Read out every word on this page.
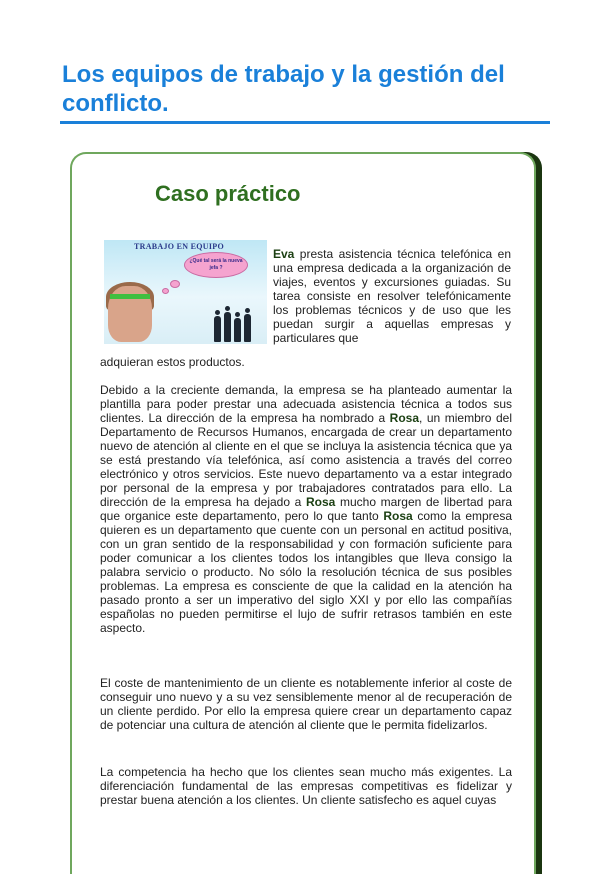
Los equipos de trabajo y la gestión del conflicto.
Caso práctico
TRABAJO EN EQUIPO
¿Qué tal será la nueva jefa ?

Eva presta asistencia técnica telefónica en una empresa dedicada a la organización de viajes, eventos y excursiones guiadas. Su tarea consiste en resolver telefónicamente los problemas técnicos y de uso que les puedan surgir a aquellas empresas y particulares que

adquieran estos productos.

Debido a la creciente demanda, la empresa se ha planteado aumentar la plantilla para poder prestar una adecuada asistencia técnica a todos sus clientes. La dirección de la empresa ha nombrado a Rosa, un miembro del Departamento de Recursos Humanos, encargada de crear un departamento nuevo de atención al cliente en el que se incluya la asistencia técnica que ya se está prestando vía telefónica, así como asistencia a través del correo electrónico y otros servicios. Este nuevo departamento va a estar integrado por personal de la empresa y por trabajadores contratados para ello. La dirección de la empresa ha dejado a Rosa mucho margen de libertad para que organice este departamento, pero lo que tanto Rosa como la empresa quieren es un departamento que cuente con un personal en actitud positiva, con un gran sentido de la responsabilidad y con formación suficiente para poder comunicar a los clientes todos los intangibles que lleva consigo la palabra servicio o producto. No sólo la resolución técnica de sus posibles problemas. La empresa es consciente de que la calidad en la atención ha pasado pronto a ser un imperativo del siglo XXI y por ello las compañías españolas no pueden permitirse el lujo de sufrir retrasos también en este aspecto.

El coste de mantenimiento de un cliente es notablemente inferior al coste de conseguir uno nuevo y a su vez sensiblemente menor al de recuperación de un cliente perdido. Por ello la empresa quiere crear un departamento capaz de potenciar una cultura de atención al cliente que le permita fidelizarlos.

La competencia ha hecho que los clientes sean mucho más exigentes. La diferenciación fundamental de las empresas competitivas es fidelizar y prestar buena atención a los clientes. Un cliente satisfecho es aquel cuyas
